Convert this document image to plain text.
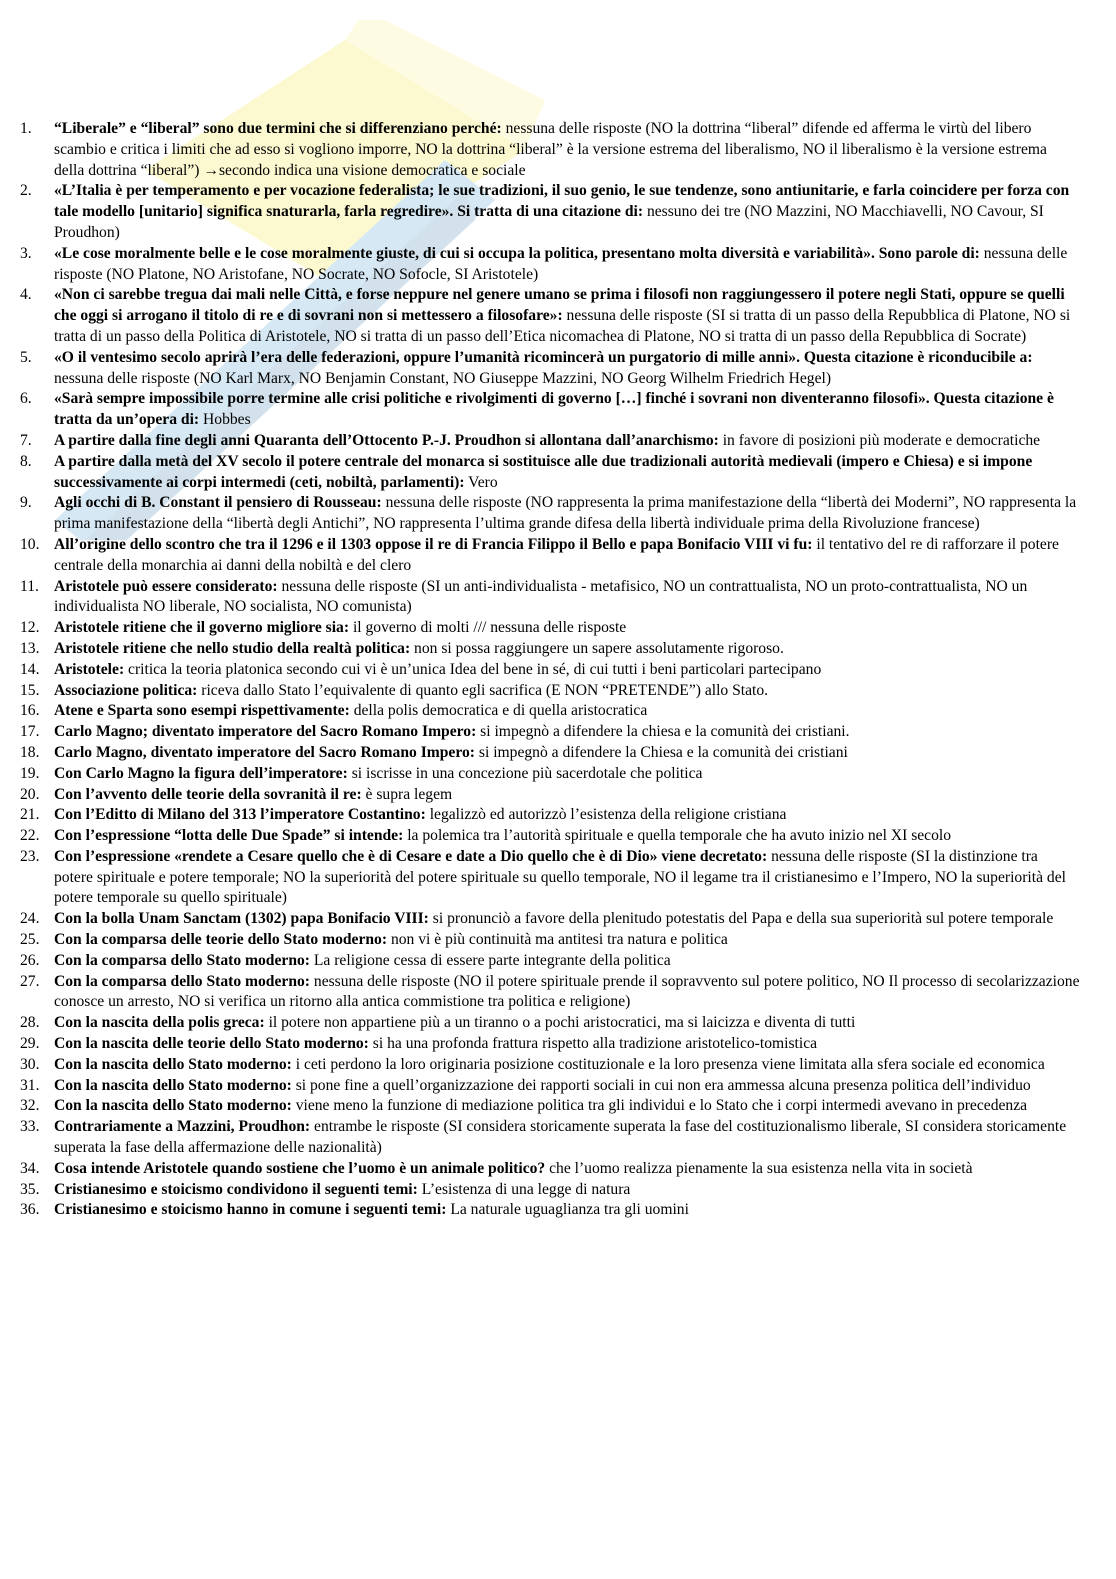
1.	“Liberale” e “liberal” sono due termini che si differenziano perché: nessuna delle risposte (NO la dottrina “liberal” difende ed afferma le virtù del libero scambio e critica i limiti che ad esso si vogliono imporre, NO la dottrina “liberal” è la versione estrema del liberalismo, NO il liberalismo è la versione estrema della dottrina “liberal”) →secondo indica una visione democratica e sociale
2.	«L’Italia è per temperamento e per vocazione federalista; le sue tradizioni, il suo genio, le sue tendenze, sono antiunitarie, e farla coincidere per forza con tale modello [unitario] significa snaturarla, farla regredire». Si tratta di una citazione di: nessuno dei tre (NO Mazzini, NO Macchiavelli, NO Cavour, SI Proudhon)
3.	«Le cose moralmente belle e le cose moralmente giuste, di cui si occupa la politica, presentano molta diversità e variabilità». Sono parole di: nessuna delle risposte (NO Platone, NO Aristofane, NO Socrate, NO Sofocle, SI Aristotele)
4.	«Non ci sarebbe tregua dai mali nelle Città, e forse neppure nel genere umano se prima i filosofi non raggiungessero il potere negli Stati, oppure se quelli che oggi si arrogano il titolo di re e di sovrani non si mettessero a filosofare»: nessuna delle risposte (SI si tratta di un passo della Repubblica di Platone, NO si tratta di un passo della Politica di Aristotele, NO si tratta di un passo dell’Etica nicomachea di Platone, NO si tratta di un passo della Repubblica di Socrate)
5.	«O il ventesimo secolo aprirà l’era delle federazioni, oppure l’umanità ricomincerà un purgatorio di mille anni». Questa citazione è riconducibile a: nessuna delle risposte (NO Karl Marx, NO Benjamin Constant, NO Giuseppe Mazzini, NO Georg Wilhelm Friedrich Hegel)
6.	«Sarà sempre impossibile porre termine alle crisi politiche e rivolgimenti di governo […] finché i sovrani non diventeranno filosofi». Questa citazione è tratta da un’opera di: Hobbes
7.	A partire dalla fine degli anni Quaranta dell’Ottocento P.-J. Proudhon si allontana dall’anarchismo: in favore di posizioni più moderate e democratiche
8.	A partire dalla metà del XV secolo il potere centrale del monarca si sostituisce alle due tradizionali autorità medievali (impero e Chiesa) e si impone successivamente ai corpi intermedi (ceti, nobiltà, parlamenti): Vero
9.	Agli occhi di B. Constant il pensiero di Rousseau: nessuna delle risposte (NO rappresenta la prima manifestazione della “libertà dei Moderni”, NO rappresenta la prima manifestazione della “libertà degli Antichi”, NO rappresenta l’ultima grande difesa della libertà individuale prima della Rivoluzione francese)
10. All’origine dello scontro che tra il 1296 e il 1303 oppose il re di Francia Filippo il Bello e papa Bonifacio VIII vi fu: il tentativo del re di rafforzare il potere centrale della monarchia ai danni della nobiltà e del clero
11. Aristotele può essere considerato: nessuna delle risposte (SI un anti-individualista - metafisico, NO un contrattualista, NO un proto-contrattualista, NO un individualista NO liberale, NO socialista, NO comunista)
12. Aristotele ritiene che il governo migliore sia: il governo di molti /// nessuna delle risposte
13. Aristotele ritiene che nello studio della realtà politica: non si possa raggiungere un sapere assolutamente rigoroso.
14. Aristotele: critica la teoria platonica secondo cui vi è un’unica Idea del bene in sé, di cui tutti i beni particolari partecipano
15. Associazione politica: riceva dallo Stato l’equivalente di quanto egli sacrifica (E NON “PRETENDE”) allo Stato.
16. Atene e Sparta sono esempi rispettivamente: della polis democratica e di quella aristocratica
17. Carlo Magno; diventato imperatore del Sacro Romano Impero: si impegnò a difendere la chiesa e la comunità dei cristiani.
18. Carlo Magno, diventato imperatore del Sacro Romano Impero: si impegnò a difendere la Chiesa e la comunità dei cristiani
19. Con Carlo Magno la figura dell’imperatore: si iscrisse in una concezione più sacerdotale che politica
20. Con l’avvento delle teorie della sovranità il re: è supra legem
21. Con l’Editto di Milano del 313 l’imperatore Costantino: legalizzò ed autorizzò l’esistenza della religione cristiana
22. Con l’espressione “lotta delle Due Spade” si intende: la polemica tra l’autorità spirituale e quella temporale che ha avuto inizio nel XI secolo
23. Con l’espressione «rendete a Cesare quello che è di Cesare e date a Dio quello che è di Dio» viene decretato: nessuna delle risposte (SI la distinzione tra potere spirituale e potere temporale; NO la superiorità del potere spirituale su quello temporale, NO il legame tra il cristianesimo e l’Impero, NO la superiorità del potere temporale su quello spirituale)
24. Con la bolla Unam Sanctam (1302) papa Bonifacio VIII: si pronunciò a favore della plenitudo potestatis del Papa e della sua superiorità sul potere temporale
25. Con la comparsa delle teorie dello Stato moderno: non vi è più continuità ma antitesi tra natura e politica
26. Con la comparsa dello Stato moderno: La religione cessa di essere parte integrante della politica
27. Con la comparsa dello Stato moderno: nessuna delle risposte (NO il potere spirituale prende il sopravvento sul potere politico, NO Il processo di secolarizzazione conosce un arresto, NO si verifica un ritorno alla antica commistione tra politica e religione)
28. Con la nascita della polis greca: il potere non appartiene più a un tiranno o a pochi aristocratici, ma si laicizza e diventa di tutti
29. Con la nascita delle teorie dello Stato moderno: si ha una profonda frattura rispetto alla tradizione aristotelico-tomistica
30. Con la nascita dello Stato moderno: i ceti perdono la loro originaria posizione costituzionale e la loro presenza viene limitata alla sfera sociale ed economica
31. Con la nascita dello Stato moderno: si pone fine a quell’organizzazione dei rapporti sociali in cui non era ammessa alcuna presenza politica dell’individuo
32. Con la nascita dello Stato moderno: viene meno la funzione di mediazione politica tra gli individui e lo Stato che i corpi intermedi avevano in precedenza
33. Contrariamente a Mazzini, Proudhon: entrambe le risposte (SI considera storicamente superata la fase del costituzionalismo liberale, SI considera storicamente superata la fase della affermazione delle nazionalità)
34. Cosa intende Aristotele quando sostiene che l’uomo è un animale politico? che l’uomo realizza pienamente la sua esistenza nella vita in società
35. Cristianesimo e stoicismo condividono il seguenti temi: L’esistenza di una legge di natura
36. Cristianesimo e stoicismo hanno in comune i seguenti temi: La naturale uguaglianza tra gli uomini
